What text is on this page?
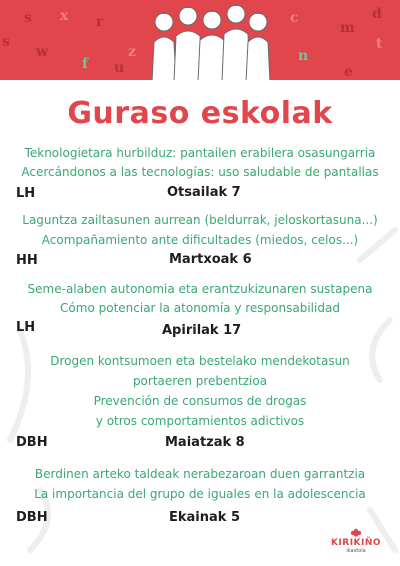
s x r
w	z
f u
c
n
e
m
t
d
s
Guraso eskolak
Teknologietara hurbilduz: pantailen erabilera osasungarria
Acercándonos a las tecnologías: uso saludable de pantallas
LH	Otsailak 7
Laguntza zailtasunen aurrean (beldurrak, jeloskortasuna...)
Acompañamiento ante dificultades (miedos, celos...)
HH	Martxoak 6
Seme-alaben autonomia eta erantzukizunaren sustapena
Cómo potenciar la atonomía y responsabilidad
LH	Apirilak 17
Drogen kontsumoen eta bestelako mendekotasun
portaeren prebentzioa
Prevención de consumos de drogas
y otros comportamientos adictivos
DBH	Maiatzak 8
Berdinen arteko taldeak nerabezaroan duen garrantzia
La importancia del grupo de iguales en la adolescencia
DBH	Ekainak 5
KIRIKIÑO
ikastola
